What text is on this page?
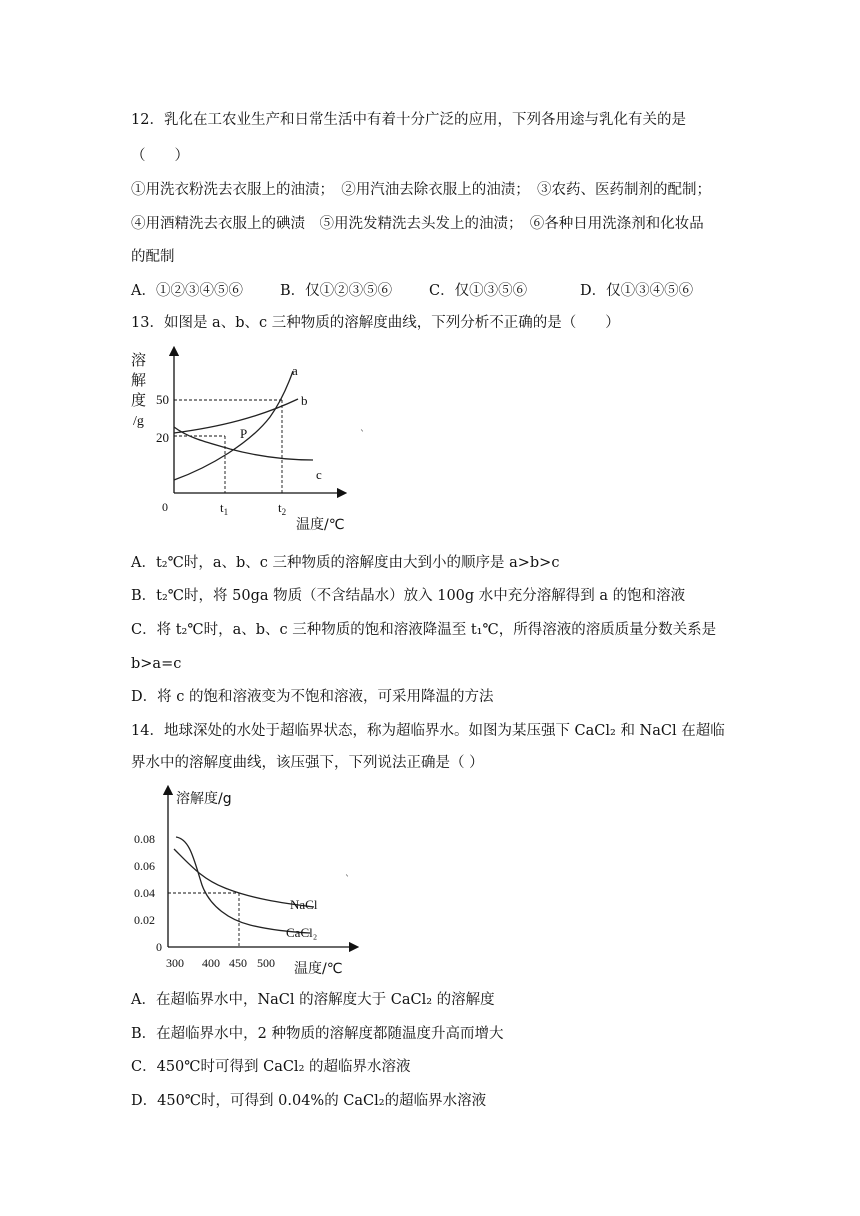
12．乳化在工农业生产和日常生活中有着十分广泛的应用，下列各用途与乳化有关的是
（　　）
①用洗衣粉洗去衣服上的油渍；　②用汽油去除衣服上的油渍；　③农药、医药制剂的配制；
④用酒精洗去衣服上的碘渍　⑤用洗发精洗去头发上的油渍；　⑥各种日用洗涤剂和化妆品
的配制
A．①②③④⑤⑥	B．仅①②③⑤⑥	C．仅①③⑤⑥	D．仅①③④⑤⑥
13．如图是 a、b、c 三种物质的溶解度曲线，下列分析不正确的是（　　）
溶
解
度
/g
50
20
0	$t_1$	$t_2$
温度/℃
a
b
c
P	`
A．t₂℃时，a、b、c 三种物质的溶解度由大到小的顺序是 a>b>c
B．t₂℃时，将 50ga 物质（不含结晶水）放入 100g 水中充分溶解得到 a 的饱和溶液
C．将 t₂℃时，a、b、c 三种物质的饱和溶液降温至 t₁℃，所得溶液的溶质质量分数关系是
b>a=c
D．将 c 的饱和溶液变为不饱和溶液，可采用降温的方法
14．地球深处的水处于超临界状态，称为超临界水。如图为某压强下 CaCl₂ 和 NaCl 在超临
界水中的溶解度曲线，该压强下，下列说法正确是（ ）
溶解度/g
0.08
0.06
0.04
0.02
0
300 400 450 500 温度/℃
NaCl
CaCl₂
`
A．在超临界水中，NaCl 的溶解度大于 CaCl₂ 的溶解度
B．在超临界水中，2 种物质的溶解度都随温度升高而增大
C．450℃时可得到 CaCl₂ 的超临界水溶液
D．450℃时，可得到 0.04%的 CaCl₂的超临界水溶液
